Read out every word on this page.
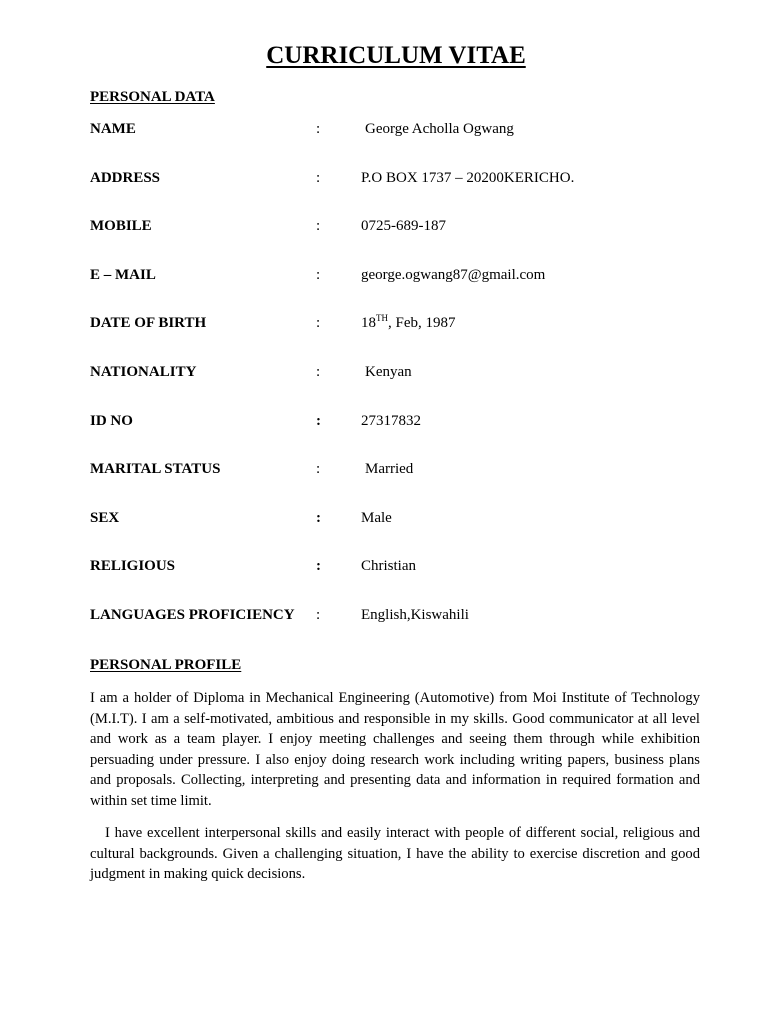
CURRICULUM VITAE
PERSONAL DATA
NAME	:	George Acholla Ogwang
ADDRESS	:	P.O BOX 1737 – 20200KERICHO.
MOBILE	:	0725-689-187
E – MAIL	:	george.ogwang87@gmail.com
DATE OF BIRTH	:	18TH, Feb, 1987
NATIONALITY	:	Kenyan
ID NO	:	27317832
MARITAL STATUS	:	Married
SEX	:	Male
RELIGIOUS	:	Christian
LANGUAGES PROFICIENCY :	English,Kiswahili
PERSONAL PROFILE

I am a holder of Diploma in Mechanical Engineering (Automotive) from Moi Institute of Technology (M.I.T). I am a self-motivated, ambitious and responsible in my skills. Good communicator at all level and work as a team player. I enjoy meeting challenges and seeing them through while exhibition persuading under pressure. I also enjoy doing research work including writing papers, business plans and proposals. Collecting, interpreting and presenting data and information in required formation and within set time limit.

I have excellent interpersonal skills and easily interact with people of different social, religious and cultural backgrounds. Given a challenging situation, I have the ability to exercise discretion and good judgment in making quick decisions.
